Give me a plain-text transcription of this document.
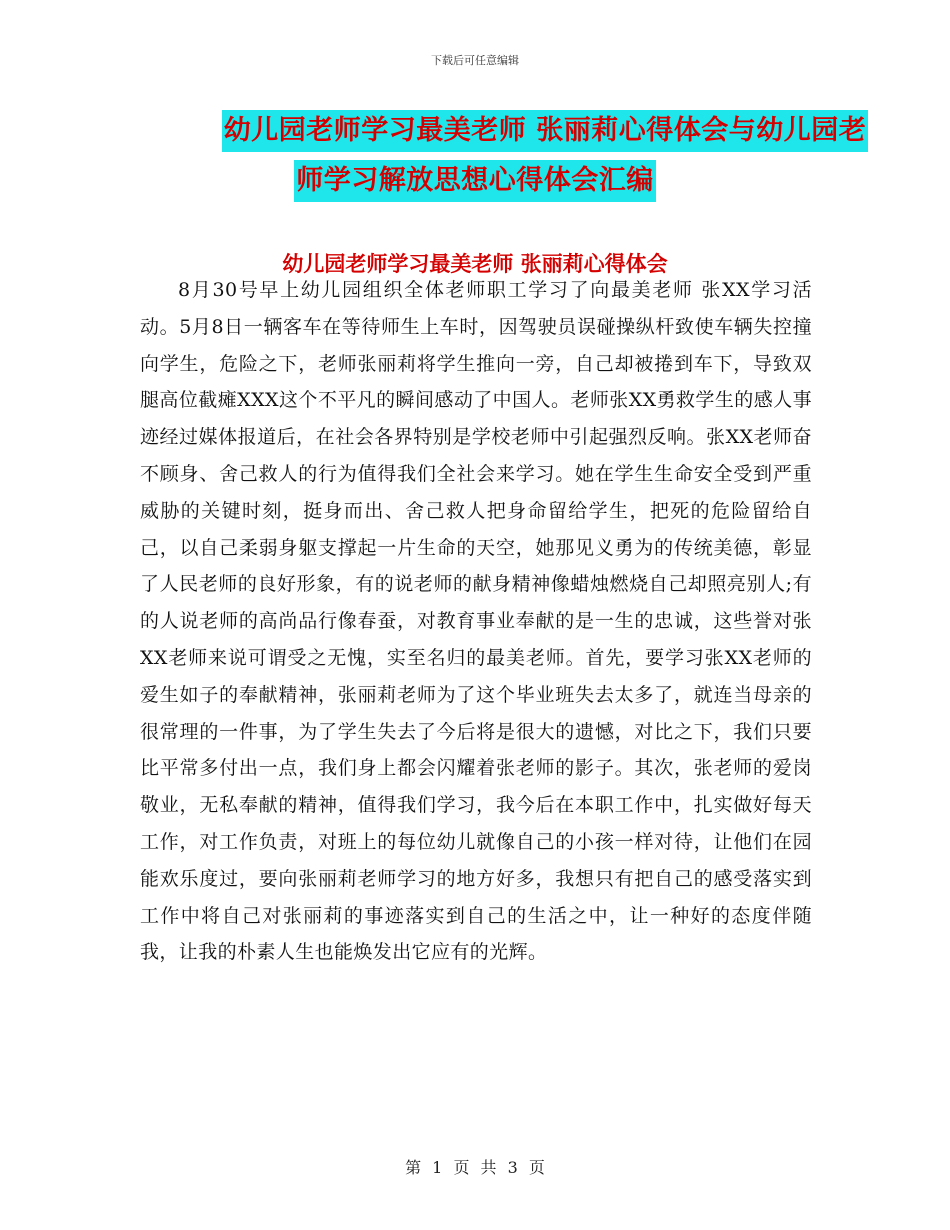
下载后可任意编辑
幼儿园老师学习最美老师 张丽莉心得体会与幼儿园老
师学习解放思想心得体会汇编
幼儿园老师学习最美老师 张丽莉心得体会
8月30号早上幼儿园组织全体老师职工学习了向最美老师 张XX学习活动。5月8日一辆客车在等待师生上车时，因驾驶员误碰操纵杆致使车辆失控撞向学生，危险之下，老师张丽莉将学生推向一旁，自己却被捲到车下，导致双腿高位截瘫XXX这个不平凡的瞬间感动了中国人。老师张XX勇救学生的感人事迹经过媒体报道后，在社会各界特别是学校老师中引起强烈反响。张XX老师奋不顾身、舍己救人的行为值得我们全社会来学习。她在学生生命安全受到严重威胁的关键时刻，挺身而出、舍己救人把身命留给学生，把死的危险留给自己，以自己柔弱身躯支撑起一片生命的天空，她那见义勇为的传统美德，彰显了人民老师的良好形象，有的说老师的献身精神像蜡烛燃烧自己却照亮别人;有的人说老师的高尚品行像春蚕，对教育事业奉献的是一生的忠诚，这些誉对张XX老师来说可谓受之无愧，实至名归的最美老师。首先，要学习张XX老师的爱生如子的奉献精神，张丽莉老师为了这个毕业班失去太多了，就连当母亲的很常理的一件事，为了学生失去了今后将是很大的遗憾，对比之下，我们只要比平常多付出一点，我们身上都会闪耀着张老师的影子。其次，张老师的爱岗敬业，无私奉献的精神，值得我们学习，我今后在本职工作中，扎实做好每天工作，对工作负责，对班上的每位幼儿就像自己的小孩一样对待，让他们在园能欢乐度过，要向张丽莉老师学习的地方好多，我想只有把自己的感受落实到工作中将自己对张丽莉的事迹落实到自己的生活之中，让一种好的态度伴随我，让我的朴素人生也能焕发出它应有的光辉。
第 1 页 共 3 页
